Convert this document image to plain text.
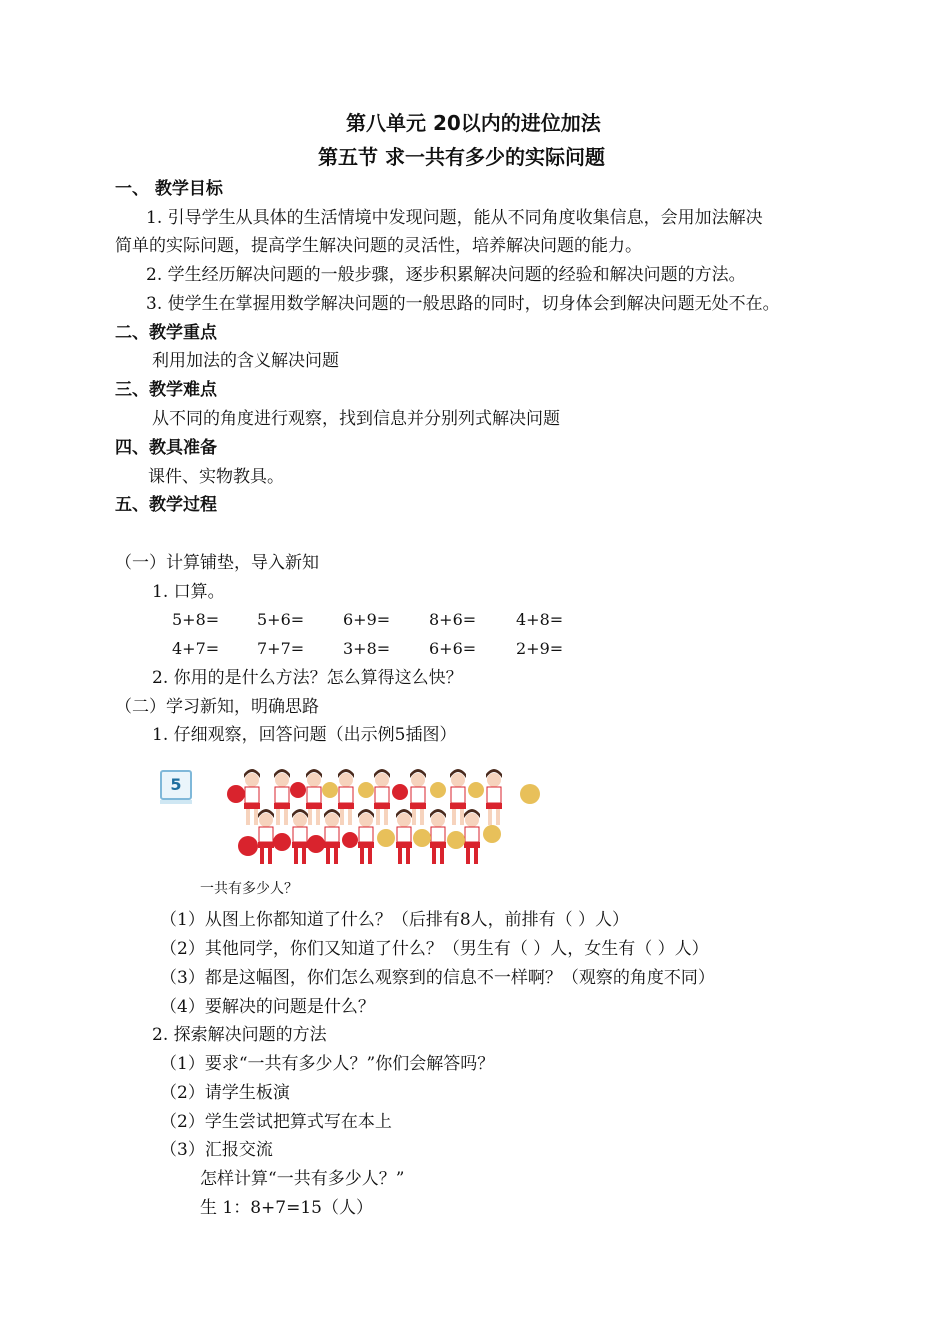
第八单元 20以内的进位加法
第五节 求一共有多少的实际问题
一、 教学目标
1. 引导学生从具体的生活情境中发现问题，能从不同角度收集信息，会用加法解决
简单的实际问题，提高学生解决问题的灵活性，培养解决问题的能力。
2. 学生经历解决问题的一般步骤，逐步积累解决问题的经验和解决问题的方法。
3. 使学生在掌握用数学解决问题的一般思路的同时，切身体会到解决问题无处不在。
二、教学重点
利用加法的含义解决问题
三、教学难点
从不同的角度进行观察，找到信息并分别列式解决问题
四、教具准备
课件、实物教具。
五、教学过程
（一）计算铺垫，导入新知
1. 口算。
5+8= 5+6= 6+9= 8+6= 4+8=
4+7= 7+7= 3+8= 6+6= 2+9=
2. 你用的是什么方法？怎么算得这么快？
（二）学习新知，明确思路
1. 仔细观察，回答问题（出示例5插图）
5
一共有多少人？
（1）从图上你都知道了什么？（后排有8人，前排有（ ）人）
（2）其他同学，你们又知道了什么？（男生有（ ）人，女生有（ ）人）
（3）都是这幅图，你们怎么观察到的信息不一样啊？（观察的角度不同）
（4）要解决的问题是什么？
2. 探索解决问题的方法
（1）要求“一共有多少人？”你们会解答吗？
（2）请学生板演
（2）学生尝试把算式写在本上
（3）汇报交流
怎样计算“一共有多少人？”
生 1：8+7=15（人）
